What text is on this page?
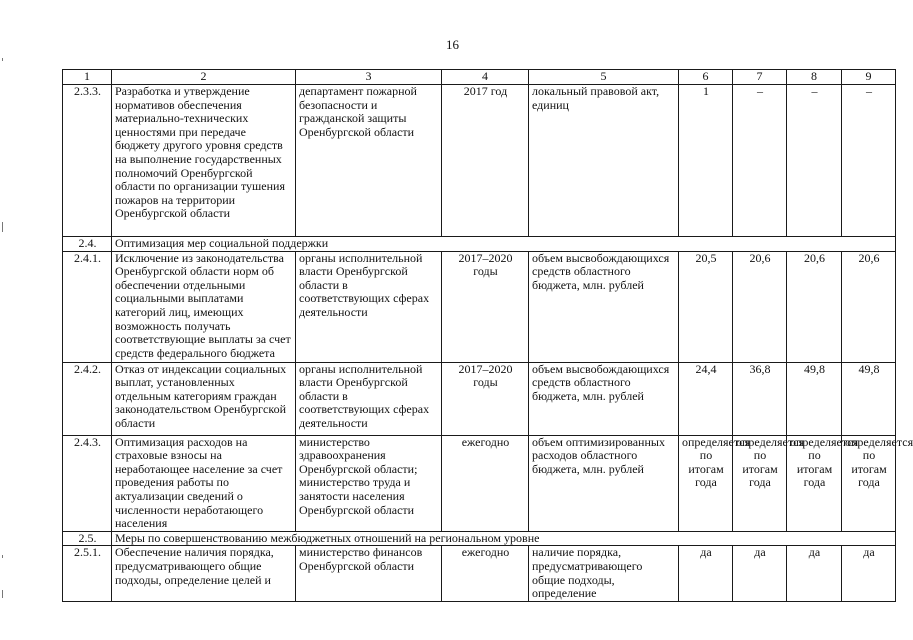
16
1	2	3	4	5	6	7	8	9
2.3.3.	Разработка и утверждение нормативов обеспечения материально-технических ценностями при передаче бюджету другого уровня средств на выполнение государственных полномочий Оренбургской области по организации тушения пожаров на территории Оренбургской области	департамент пожарной безопасности и гражданской защиты Оренбургской области	2017 год	локальный правовой акт, единиц	1	–	–	–
2.4.	Оптимизация мер социальной поддержки							
2.4.1.	Исключение из законодательства Оренбургской области норм об обеспечении отдельными социальными выплатами категорий лиц, имеющих возможность получать соответствующие выплаты за счет средств федерального бюджета	органы исполнительной власти Оренбургской области в соответствующих сферах деятельности	2017–2020 годы	объем высвобождающихся средств областного бюджета, млн. рублей	20,5	20,6	20,6	20,6
2.4.2.	Отказ от индексации социальных выплат, установленных отдельным категориям граждан законодательством Оренбургской области	органы исполнительной власти Оренбургской области в соответствующих сферах деятельности	2017–2020 годы	объем высвобождающихся средств областного бюджета, млн. рублей	24,4	36,8	49,8	49,8
2.4.3.	Оптимизация расходов на страховые взносы на неработающее население за счет проведения работы по актуализации сведений о численности неработающего населения	министерство здравоохранения Оренбургской области; министерство труда и занятости населения Оренбургской области	ежегодно	объем оптимизированных расходов областного бюджета, млн. рублей	определяется по итогам года	определяется по итогам года	определяется по итогам года	определяется по итогам года
2.5.	Меры по совершенствованию межбюджетных отношений на региональном уровне							
2.5.1.	Обеспечение наличия порядка, предусматривающего общие подходы, определение целей и	министерство финансов Оренбургской области	ежегодно	наличие порядка, предусматривающего общие подходы, определение	да	да	да	да
